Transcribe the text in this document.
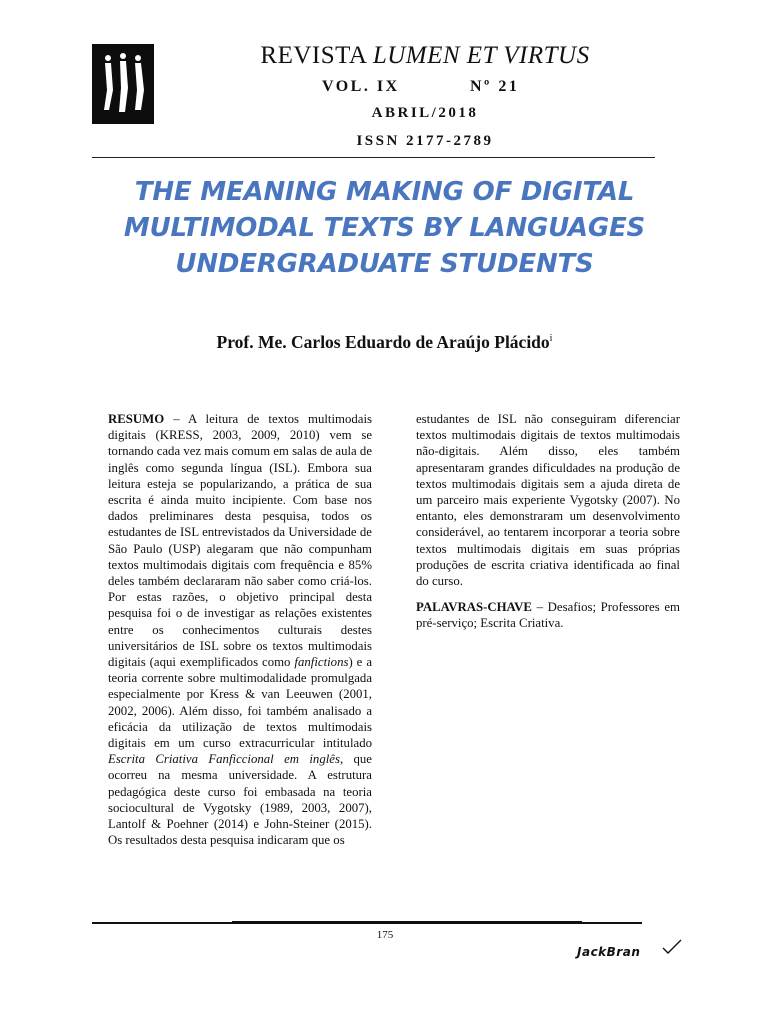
REVISTA LUMEN ET VIRTUS
VOL. IX	Nº 21
ABRIL/2018
ISSN 2177-2789
THE MEANING MAKING OF DIGITAL
MULTIMODAL TEXTS BY LANGUAGES
UNDERGRADUATE STUDENTS
Prof. Me. Carlos Eduardo de Araújo Plácido$^i$

RESUMO – A leitura de textos multimodais digitais (KRESS, 2003, 2009, 2010) vem se tornando cada vez mais comum em salas de aula de inglês como segunda língua (ISL). Embora sua leitura esteja se popularizando, a prática de sua escrita é ainda muito incipiente. Com base nos dados preliminares desta pesquisa, todos os estudantes de ISL entrevistados da Universidade de São Paulo (USP) alegaram que não compunham textos multimodais digitais com frequência e 85% deles também declararam não saber como criá-los. Por estas razões, o objetivo principal desta pesquisa foi o de investigar as relações existentes entre os conhecimentos culturais destes universitários de ISL sobre os textos multimodais digitais (aqui exemplificados como fanfictions) e a teoria corrente sobre multimodalidade promulgada especialmente por Kress & van Leeuwen (2001, 2002, 2006). Além disso, foi também analisado a eficácia da utilização de textos multimodais digitais em um curso extracurricular intitulado Escrita Criativa Fanficcional em inglês, que ocorreu na mesma universidade. A estrutura pedagógica deste curso foi embasada na teoria sociocultural de Vygotsky (1989, 2003, 2007), Lantolf & Poehner (2014) e John-Steiner (2015). Os resultados desta pesquisa indicaram que os

estudantes de ISL não conseguiram diferenciar textos multimodais digitais de textos multimodais não-digitais. Além disso, eles também apresentaram grandes dificuldades na produção de textos multimodais digitais sem a ajuda direta de um parceiro mais experiente Vygotsky (2007). No entanto, eles demonstraram um desenvolvimento considerável, ao tentarem incorporar a teoria sobre textos multimodais digitais em suas próprias produções de escrita criativa identificada ao final do curso.

PALAVRAS-CHAVE – Desafios; Professores em pré-serviço; Escrita Criativa.

175
JackBran
